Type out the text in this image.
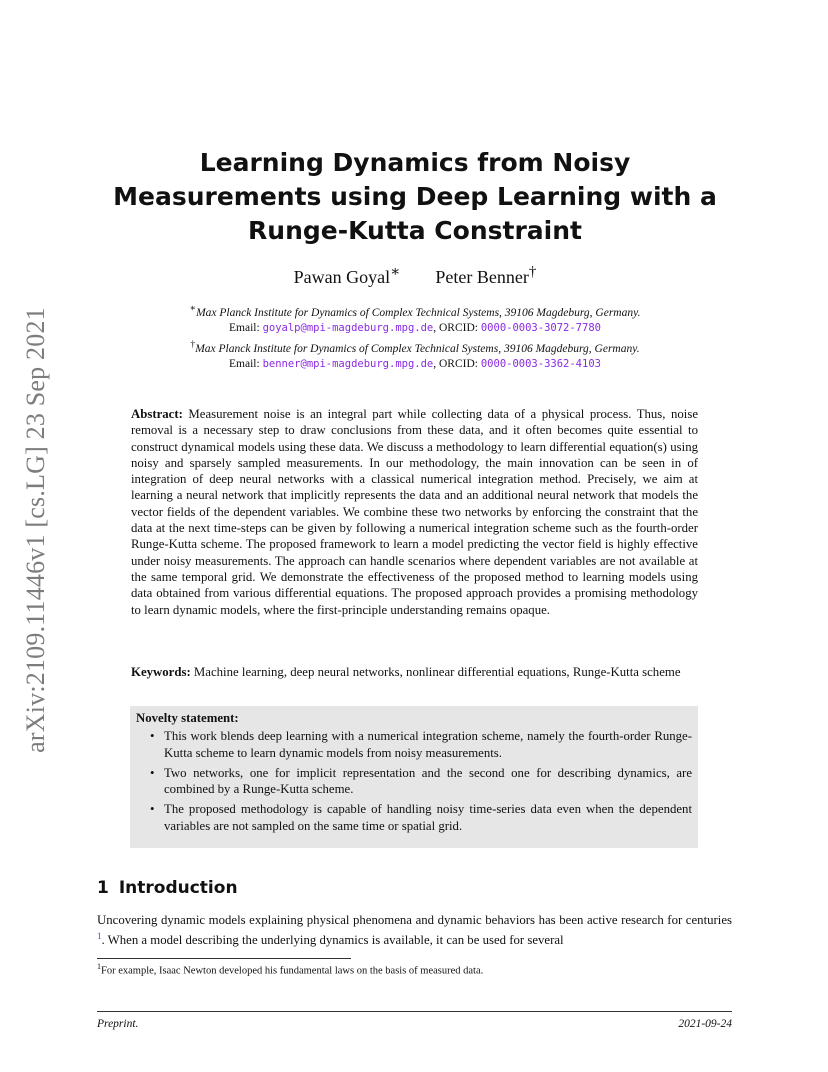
arXiv:2109.11446v1 [cs.LG] 23 Sep 2021
Learning Dynamics from Noisy Measurements using Deep Learning with a Runge-Kutta Constraint
Pawan Goyal∗ Peter Benner†
∗Max Planck Institute for Dynamics of Complex Technical Systems, 39106 Magdeburg, Germany.
Email: goyalp@mpi-magdeburg.mpg.de, ORCID: 0000-0003-3072-7780
†Max Planck Institute for Dynamics of Complex Technical Systems, 39106 Magdeburg, Germany.
Email: benner@mpi-magdeburg.mpg.de, ORCID: 0000-0003-3362-4103

Abstract: Measurement noise is an integral part while collecting data of a physical process. Thus, noise removal is a necessary step to draw conclusions from these data, and it often becomes quite essential to construct dynamical models using these data. We discuss a methodology to learn differential equation(s) using noisy and sparsely sampled measurements. In our methodology, the main innovation can be seen in of integration of deep neural networks with a classical numerical integration method. Precisely, we aim at learning a neural network that implicitly represents the data and an additional neural network that models the vector fields of the dependent variables. We combine these two networks by enforcing the constraint that the data at the next time-steps can be given by following a numerical integration scheme such as the fourth-order Runge-Kutta scheme. The proposed framework to learn a model predicting the vector field is highly effective under noisy measurements. The approach can handle scenarios where dependent variables are not available at the same temporal grid. We demonstrate the effectiveness of the proposed method to learning models using data obtained from various differential equations. The proposed approach provides a promising methodology to learn dynamic models, where the first-principle understanding remains opaque.

Keywords: Machine learning, deep neural networks, nonlinear differential equations, Runge-Kutta scheme

Novelty statement:
• This work blends deep learning with a numerical integration scheme, namely the fourth-order Runge-Kutta scheme to learn dynamic models from noisy measurements.
• Two networks, one for implicit representation and the second one for describing dynamics, are combined by a Runge-Kutta scheme.
• The proposed methodology is capable of handling noisy time-series data even when the dependent variables are not sampled on the same time or spatial grid.
1 Introduction

Uncovering dynamic models explaining physical phenomena and dynamic behaviors has been active research for centuries $^1$. When a model describing the underlying dynamics is available, it can be used for several

$^1$For example, Isaac Newton developed his fundamental laws on the basis of measured data.
Preprint.	2021-09-24
